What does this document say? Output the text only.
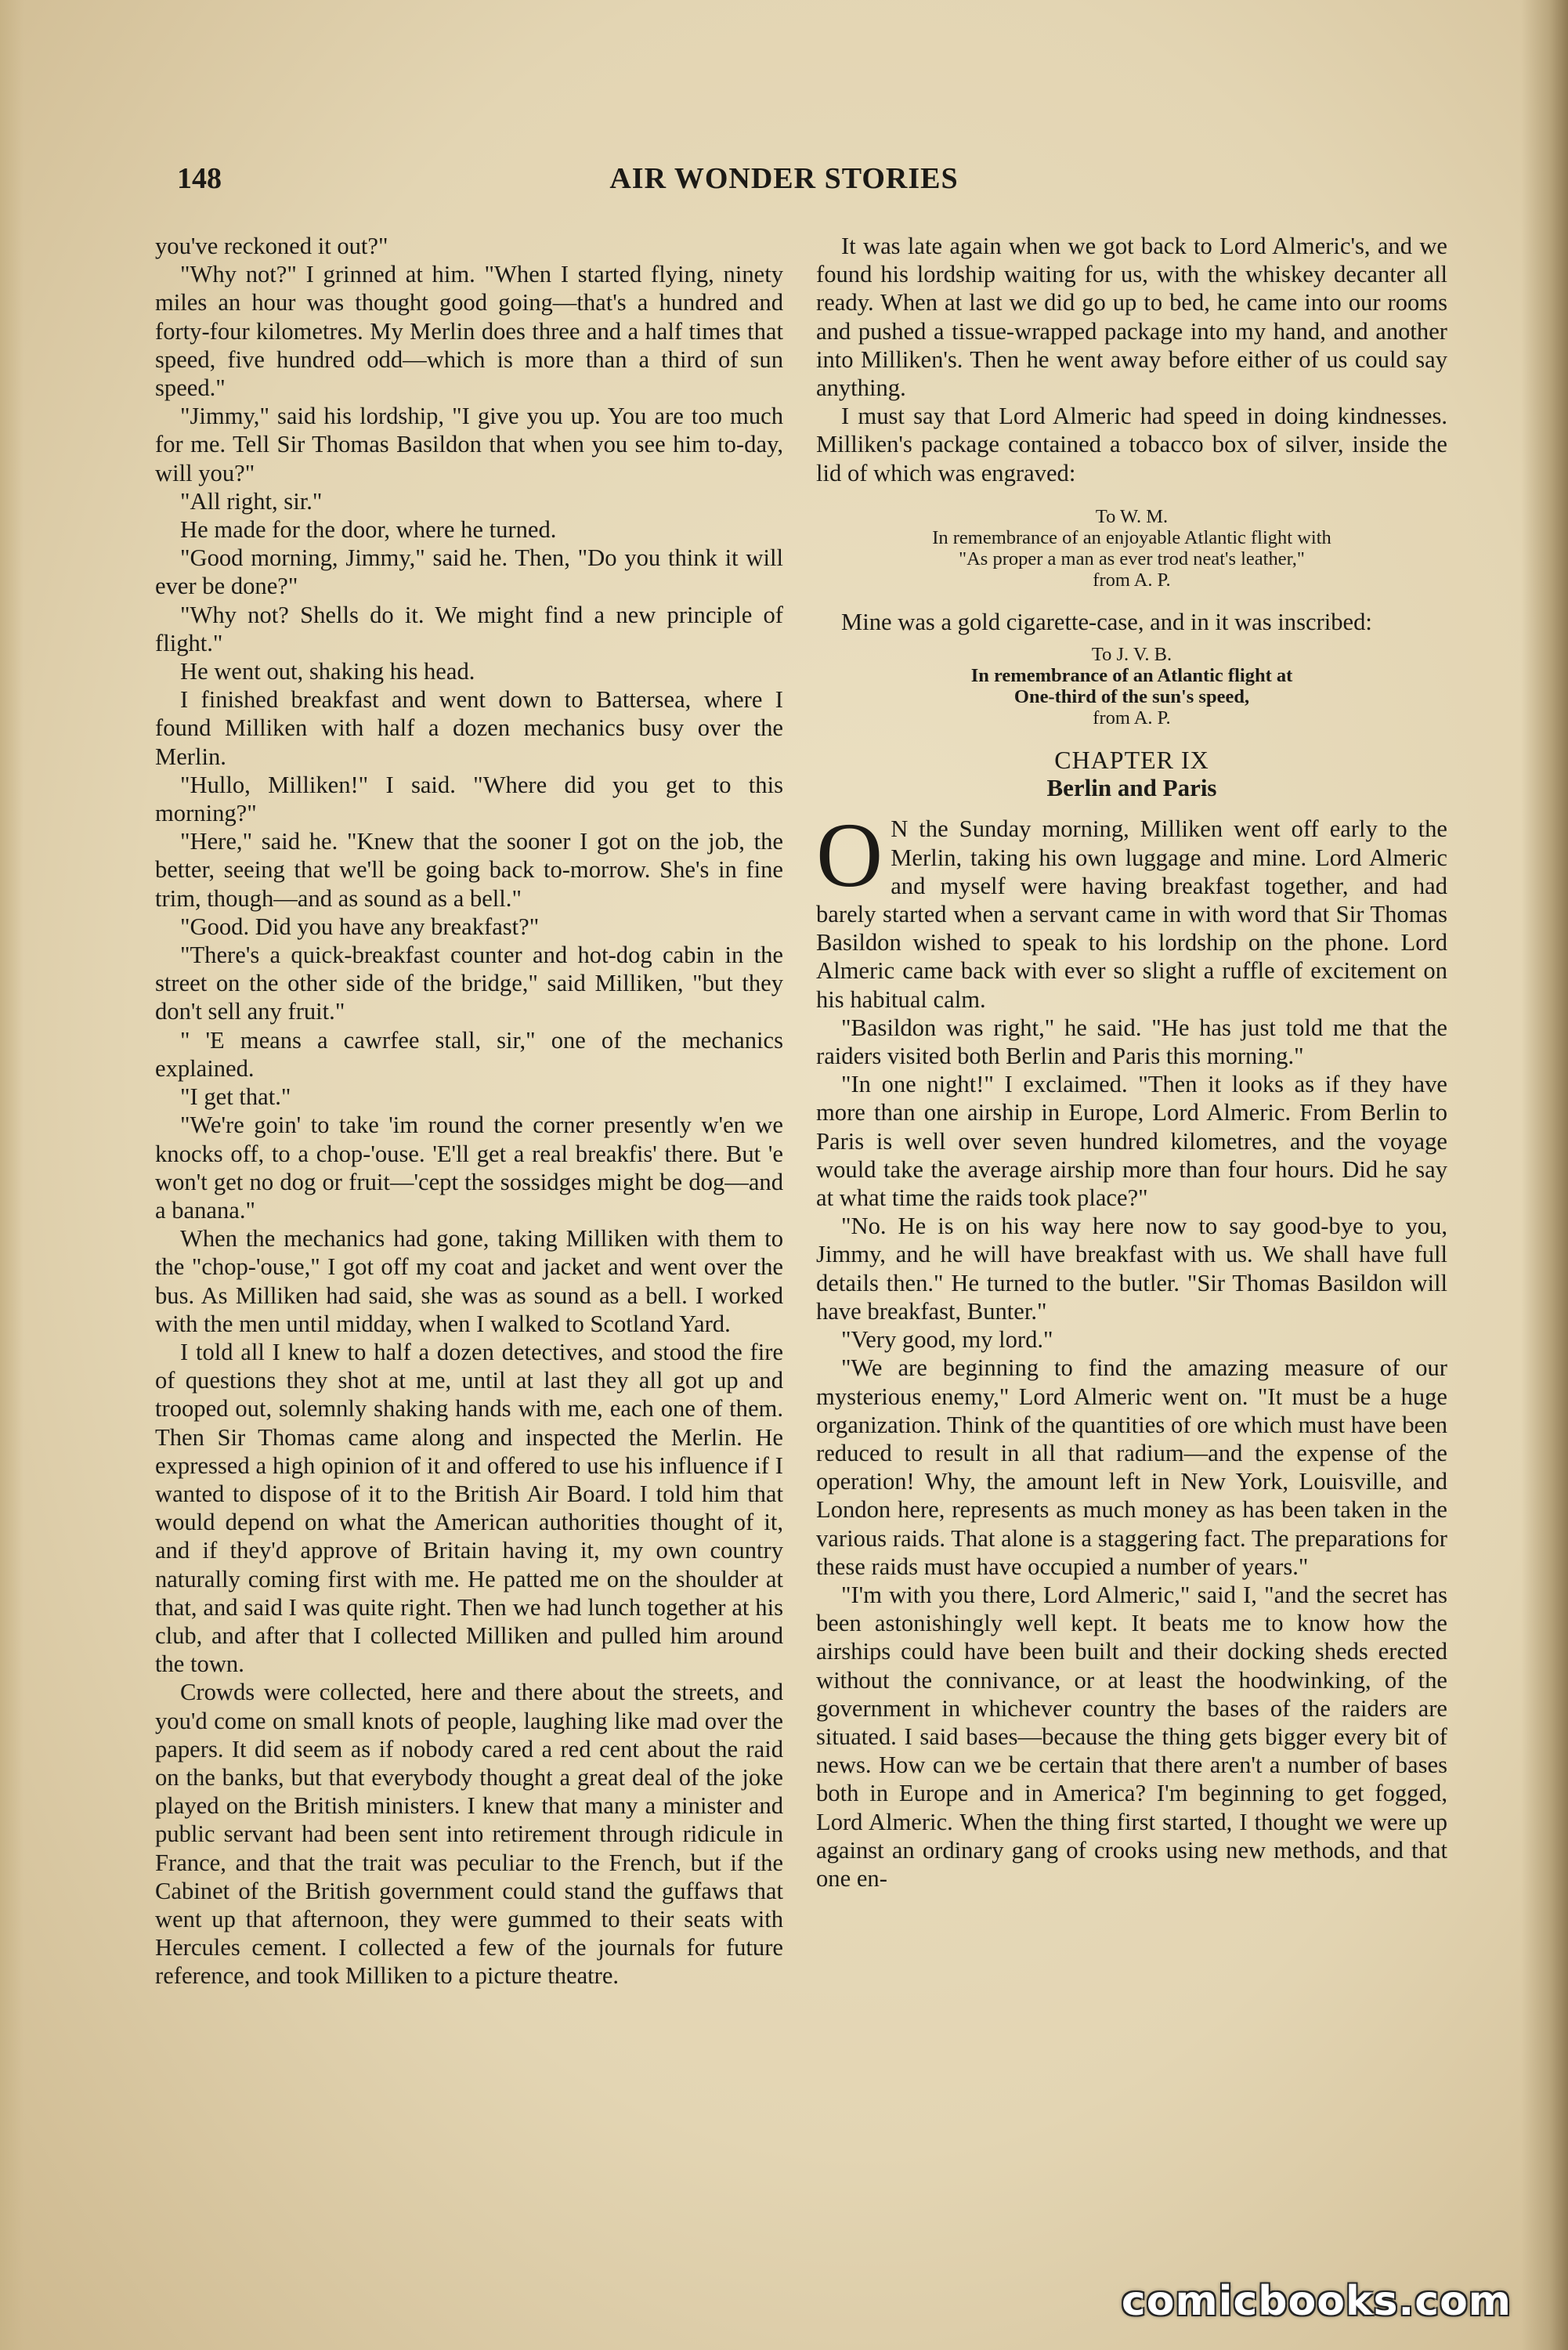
148	AIR WONDER STORIES

you've reckoned it out?"

"Why not?" I grinned at him. "When I started flying, ninety miles an hour was thought good going—that's a hundred and forty-four kilometres. My Merlin does three and a half times that speed, five hundred odd—which is more than a third of sun speed."

"Jimmy," said his lordship, "I give you up. You are too much for me. Tell Sir Thomas Basildon that when you see him to-day, will you?"

"All right, sir."

He made for the door, where he turned.

"Good morning, Jimmy," said he. Then, "Do you think it will ever be done?"

"Why not? Shells do it. We might find a new principle of flight."

He went out, shaking his head.

I finished breakfast and went down to Battersea, where I found Milliken with half a dozen mechanics busy over the Merlin.

"Hullo, Milliken!" I said. "Where did you get to this morning?"

"Here," said he. "Knew that the sooner I got on the job, the better, seeing that we'll be going back to-morrow. She's in fine trim, though—and as sound as a bell."

"Good. Did you have any breakfast?"

"There's a quick-breakfast counter and hot-dog cabin in the street on the other side of the bridge," said Milliken, "but they don't sell any fruit."

" 'E means a cawrfee stall, sir," one of the mechanics explained.

"I get that."

"We're goin' to take 'im round the corner presently w'en we knocks off, to a chop-'ouse. 'E'll get a real breakfis' there. But 'e won't get no dog or fruit—'cept the sossidges might be dog—and a banana."

When the mechanics had gone, taking Milliken with them to the "chop-'ouse," I got off my coat and jacket and went over the bus. As Milliken had said, she was as sound as a bell. I worked with the men until midday, when I walked to Scotland Yard.

I told all I knew to half a dozen detectives, and stood the fire of questions they shot at me, until at last they all got up and trooped out, solemnly shaking hands with me, each one of them. Then Sir Thomas came along and inspected the Merlin. He expressed a high opinion of it and offered to use his influence if I wanted to dispose of it to the British Air Board. I told him that would depend on what the American authorities thought of it, and if they'd approve of Britain having it, my own country naturally coming first with me. He patted me on the shoulder at that, and said I was quite right. Then we had lunch together at his club, and after that I collected Milliken and pulled him around the town.

Crowds were collected, here and there about the streets, and you'd come on small knots of people, laughing like mad over the papers. It did seem as if nobody cared a red cent about the raid on the banks, but that everybody thought a great deal of the joke played on the British ministers. I knew that many a minister and public servant had been sent into retirement through ridicule in France, and that the trait was peculiar to the French, but if the Cabinet of the British government could stand the guffaws that went up that afternoon, they were gummed to their seats with Hercules cement. I collected a few of the journals for future reference, and took Milliken to a picture theatre.

It was late again when we got back to Lord Almeric's, and we found his lordship waiting for us, with the whiskey decanter all ready. When at last we did go up to bed, he came into our rooms and pushed a tissue-wrapped package into my hand, and another into Milliken's. Then he went away before either of us could say anything.

I must say that Lord Almeric had speed in doing kindnesses. Milliken's package contained a tobacco box of silver, inside the lid of which was engraved:

To W. M.
In remembrance of an enjoyable Atlantic flight with
"As proper a man as ever trod neat's leather,"
from A. P.

Mine was a gold cigarette-case, and in it was inscribed:

To J. V. B.
In remembrance of an Atlantic flight at
One-third of the sun's speed,
from A. P.
CHAPTER IX
Berlin and Paris

O N the Sunday morning, Milliken went off early to the Merlin, taking his own luggage and mine. Lord Almeric and myself were having breakfast together, and had barely started when a servant came in with word that Sir Thomas Basildon wished to speak to his lordship on the phone. Lord Almeric came back with ever so slight a ruffle of excitement on his habitual calm.

"Basildon was right," he said. "He has just told me that the raiders visited both Berlin and Paris this morning."

"In one night!" I exclaimed. "Then it looks as if they have more than one airship in Europe, Lord Almeric. From Berlin to Paris is well over seven hundred kilometres, and the voyage would take the average airship more than four hours. Did he say at what time the raids took place?"

"No. He is on his way here now to say good-bye to you, Jimmy, and he will have breakfast with us. We shall have full details then." He turned to the butler. "Sir Thomas Basildon will have breakfast, Bunter."

"Very good, my lord."

"We are beginning to find the amazing measure of our mysterious enemy," Lord Almeric went on. "It must be a huge organization. Think of the quantities of ore which must have been reduced to result in all that radium—and the expense of the operation! Why, the amount left in New York, Louisville, and London here, represents as much money as has been taken in the various raids. That alone is a staggering fact. The preparations for these raids must have occupied a number of years."

"I'm with you there, Lord Almeric," said I, "and the secret has been astonishingly well kept. It beats me to know how the airships could have been built and their docking sheds erected without the connivance, or at least the hoodwinking, of the government in whichever country the bases of the raiders are situated. I said bases—because the thing gets bigger every bit of news. How can we be certain that there aren't a number of bases both in Europe and in America? I'm beginning to get fogged, Lord Almeric. When the thing first started, I thought we were up against an ordinary gang of crooks using new methods, and that one en-

comicbooks.com
